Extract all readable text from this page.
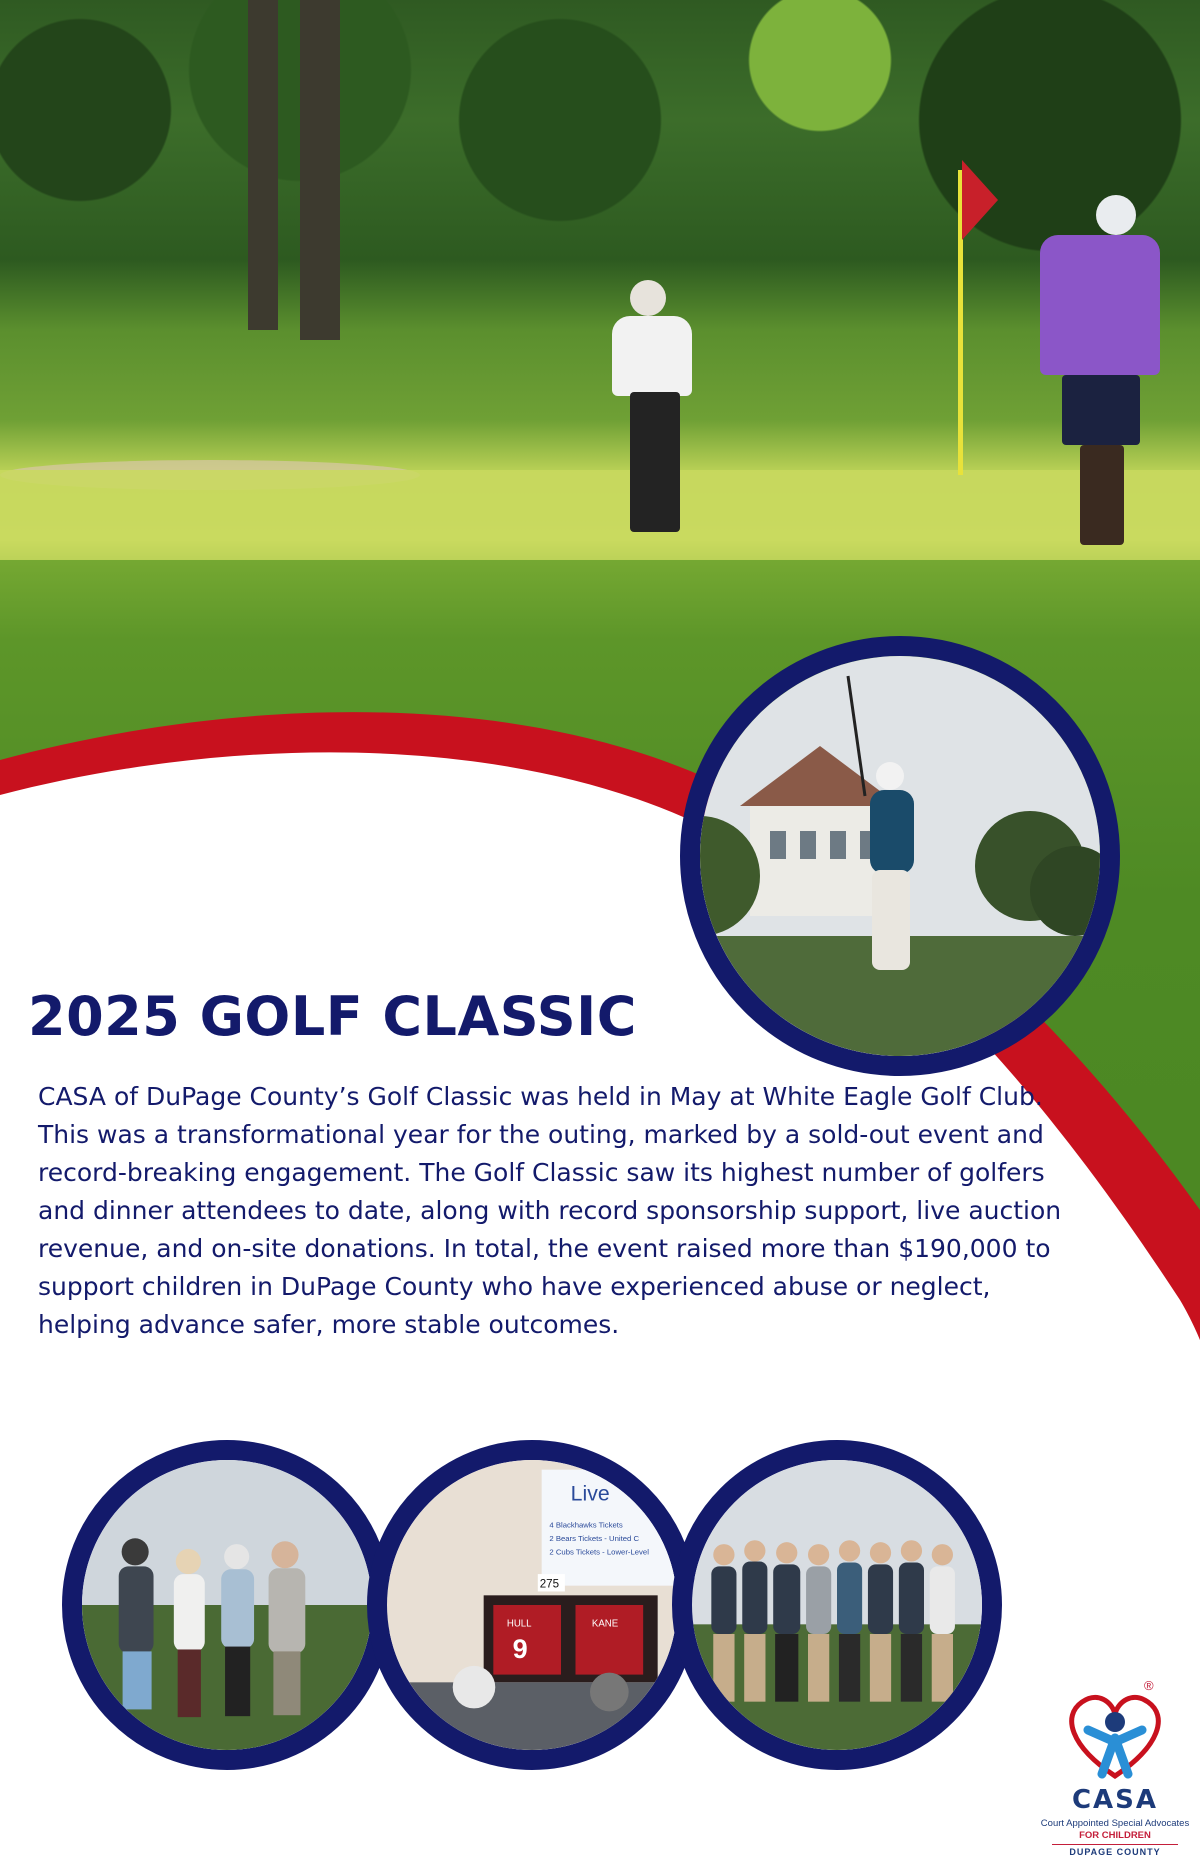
2025 GOLF CLASSIC

CASA of DuPage County’s Golf Classic was held in May at White Eagle Golf Club. This was a transformational year for the outing, marked by a sold-out event and record-breaking engagement. The Golf Classic saw its highest number of golfers and dinner attendees to date, along with record sponsorship support, live auction revenue, and on-site donations. In total, the event raised more than $190,000 to support children in DuPage County who have experienced abuse or neglect, helping advance safer, more stable outcomes.

Live
4 Blackhawks Tickets
2 Bears Tickets - United C
2 Cubs Tickets - Lower-Level
HULL
9
KANE
275
®
CASA
Court Appointed Special Advocates
FOR CHILDREN
DUPAGE COUNTY
